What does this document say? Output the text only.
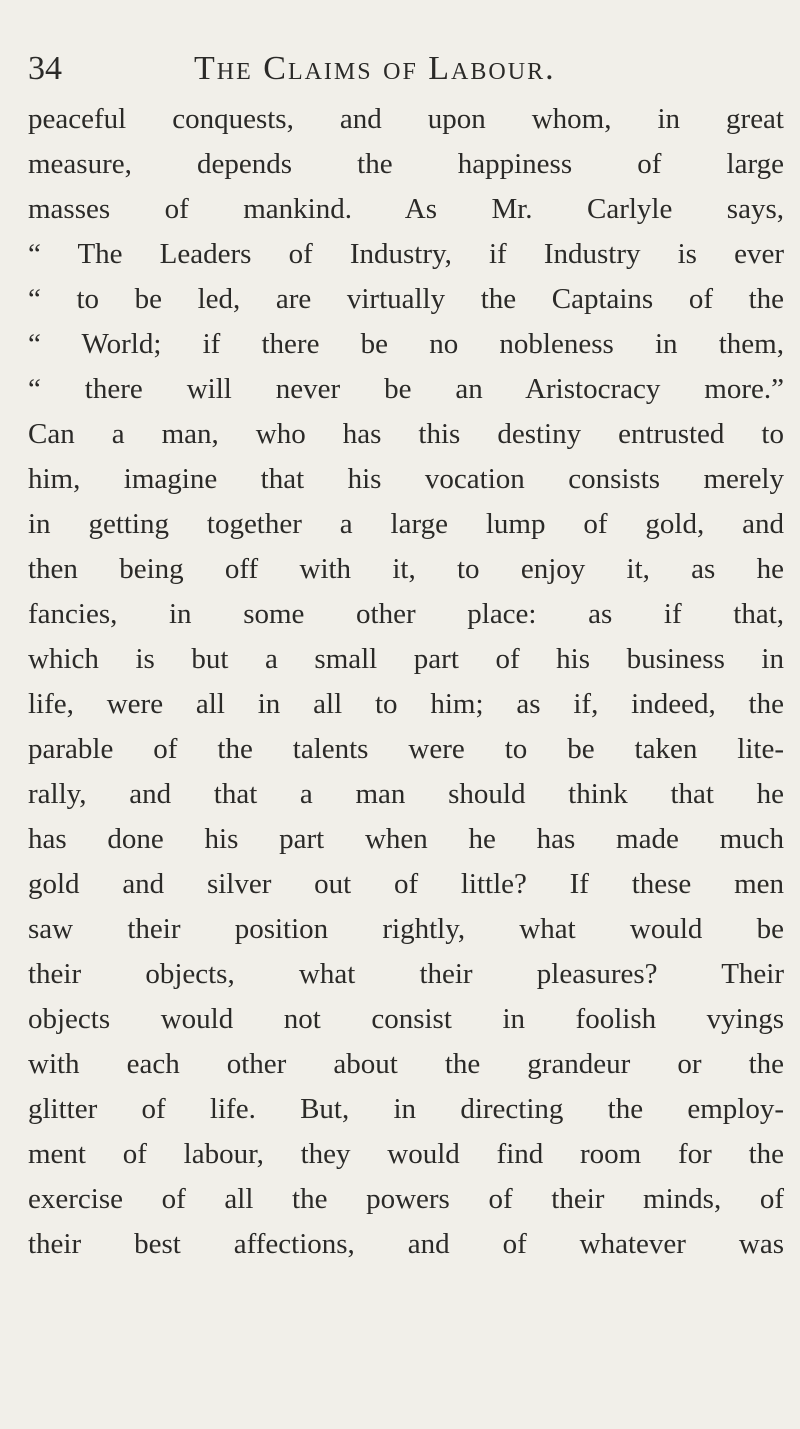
34	The Claims of Labour.
peaceful conquests, and upon whom, in great
measure, depends the happiness of large
masses of mankind. As Mr. Carlyle says,
“ The Leaders of Industry, if Industry is ever
“ to be led, are virtually the Captains of the
“ World; if there be no nobleness in them,
“ there will never be an Aristocracy more.”
Can a man, who has this destiny entrusted to
him, imagine that his vocation consists merely
in getting together a large lump of gold, and
then being off with it, to enjoy it, as he
fancies, in some other place: as if that,
which is but a small part of his business in
life, were all in all to him; as if, indeed, the
parable of the talents were to be taken lite-
rally, and that a man should think that he
has done his part when he has made much
gold and silver out of little? If these men
saw their position rightly, what would be
their objects, what their pleasures? Their
objects would not consist in foolish vyings
with each other about the grandeur or the
glitter of life. But, in directing the employ-
ment of labour, they would find room for the
exercise of all the powers of their minds, of
their best affections, and of whatever was
